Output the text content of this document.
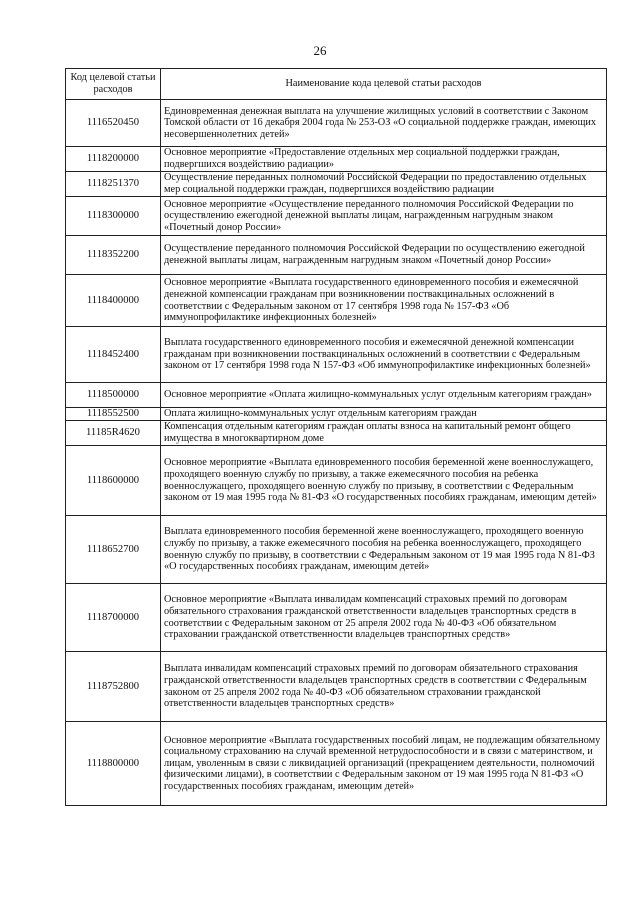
26
Код целевой статьи расходов	Наименование кода целевой статьи расходов
1116520450	Единовременная денежная выплата на улучшение жилищных условий в соответствии с Законом Томской области от 16 декабря 2004 года № 253-ОЗ «О социальной поддержке граждан, имеющих несовершеннолетних детей»
1118200000	Основное мероприятие «Предоставление отдельных мер социальной поддержки граждан, подвергшихся воздействию радиации»
1118251370	Осуществление переданных полномочий Российской Федерации по предоставлению отдельных мер социальной поддержки граждан, подвергшихся воздействию радиации
1118300000	Основное мероприятие «Осуществление переданного полномочия Российской Федерации по осуществлению ежегодной денежной выплаты лицам, награжденным нагрудным знаком «Почетный донор России»
1118352200	Осуществление переданного полномочия Российской Федерации по осуществлению ежегодной денежной выплаты лицам, награжденным нагрудным знаком «Почетный донор России»
1118400000	Основное мероприятие «Выплата государственного единовременного пособия и ежемесячной денежной компенсации гражданам при возникновении поствакцинальных осложнений в соответствии с Федеральным законом от 17 сентября 1998 года № 157-ФЗ «Об иммунопрофилактике инфекционных болезней»
1118452400	Выплата государственного единовременного пособия и ежемесячной денежной компенсации гражданам при возникновении поствакцинальных осложнений в соответствии с Федеральным законом от 17 сентября 1998 года N 157-ФЗ «Об иммунопрофилактике инфекционных болезней»
1118500000	Основное мероприятие «Оплата жилищно-коммунальных услуг отдельным категориям граждан»
1118552500	Оплата жилищно-коммунальных услуг отдельным категориям граждан
11185R4620	Компенсация отдельным категориям граждан оплаты взноса на капитальный ремонт общего имущества в многоквартирном доме
1118600000	Основное мероприятие «Выплата единовременного пособия беременной жене военнослужащего, проходящего военную службу по призыву, а также ежемесячного пособия на ребенка военнослужащего, проходящего военную службу по призыву, в соответствии с Федеральным законом от 19 мая 1995 года № 81-ФЗ «О государственных пособиях гражданам, имеющим детей»
1118652700	Выплата единовременного пособия беременной жене военнослужащего, проходящего военную службу по призыву, а также ежемесячного пособия на ребенка военнослужащего, проходящего военную службу по призыву, в соответствии с Федеральным законом от 19 мая 1995 года N 81-ФЗ «О государственных пособиях гражданам, имеющим детей»
1118700000	Основное мероприятие «Выплата инвалидам компенсаций страховых премий по договорам обязательного страхования гражданской ответственности владельцев транспортных средств в соответствии с Федеральным законом от 25 апреля 2002 года № 40-ФЗ «Об обязательном страховании гражданской ответственности владельцев транспортных средств»
1118752800	Выплата инвалидам компенсаций страховых премий по договорам обязательного страхования гражданской ответственности владельцев транспортных средств в соответствии с Федеральным законом от 25 апреля 2002 года № 40-ФЗ «Об обязательном страховании гражданской ответственности владельцев транспортных средств»
1118800000	Основное мероприятие «Выплата государственных пособий лицам, не подлежащим обязательному социальному страхованию на случай временной нетрудоспособности и в связи с материнством, и лицам, уволенным в связи с ликвидацией организаций (прекращением деятельности, полномочий физическими лицами), в соответствии с Федеральным законом от 19 мая 1995 года N 81-ФЗ «О государственных пособиях гражданам, имеющим детей»
